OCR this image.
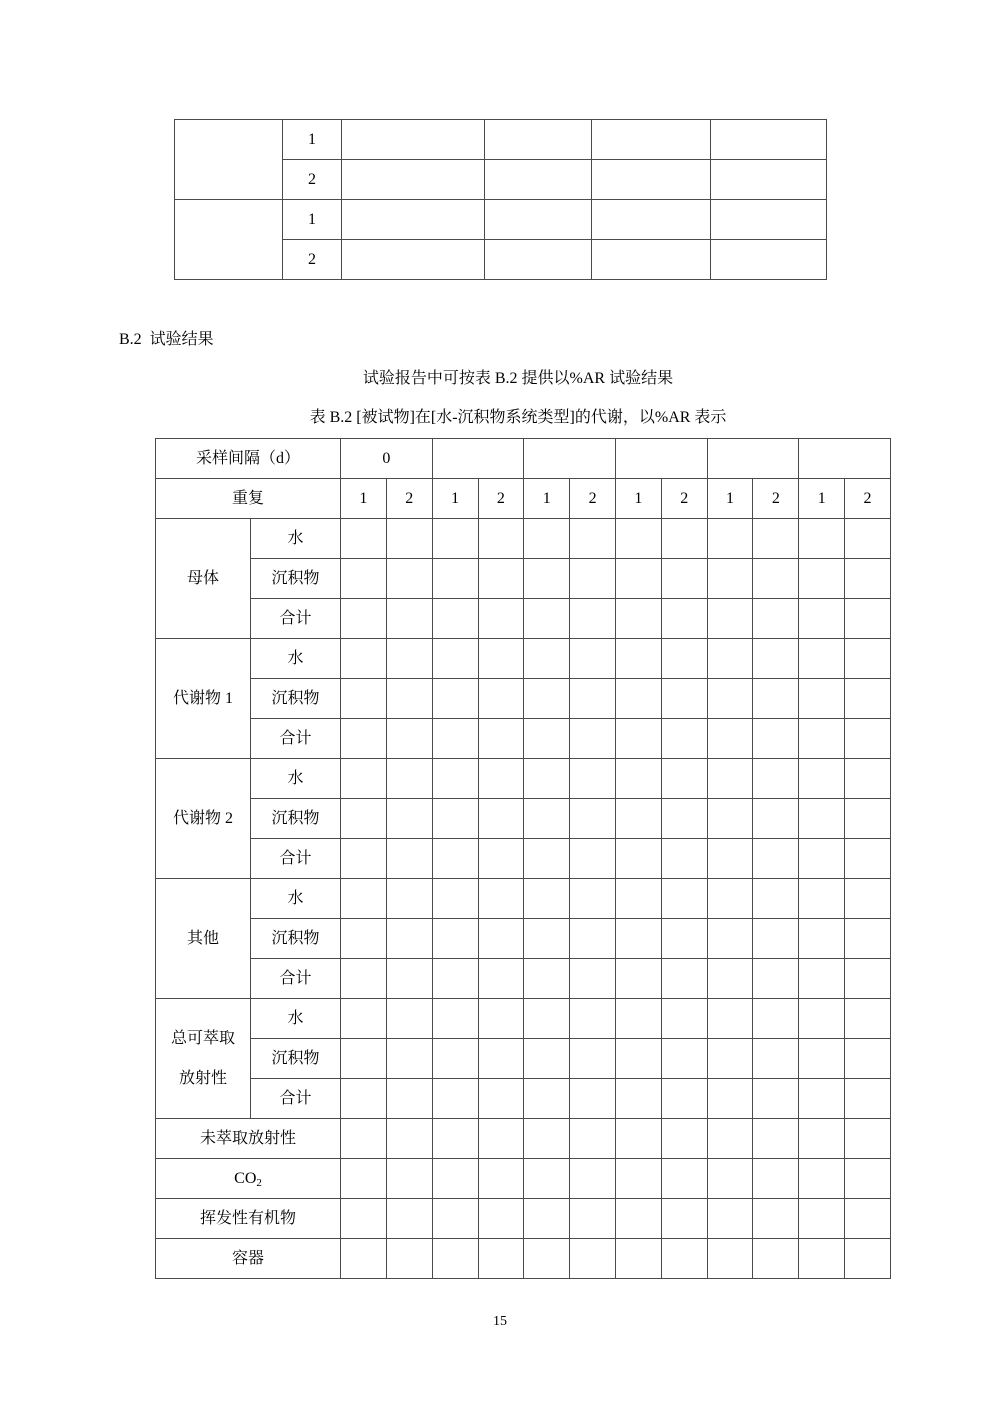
	1				
	2				
	1				
	2				
B.2  试验结果
试验报告中可按表 B.2 提供以%AR 试验结果
表 B.2 [被试物]在[水-沉积物系统类型]的代谢，以%AR 表示
采样间隔（d）		0											
重复		1	2	1	2	1	2	1	2	1	2	1	2

母体	水												
	沉积物												
	合计												

代谢物 1	水												
	沉积物												
	合计												

代谢物 2	水												
	沉积物												
	合计												

其他	水												
	沉积物												
	合计												

总可萃取
放射性	水												
	沉积物												
	合计												
未萃取放射性													
$CO_2$												
挥发性有机物													
容器													
15
